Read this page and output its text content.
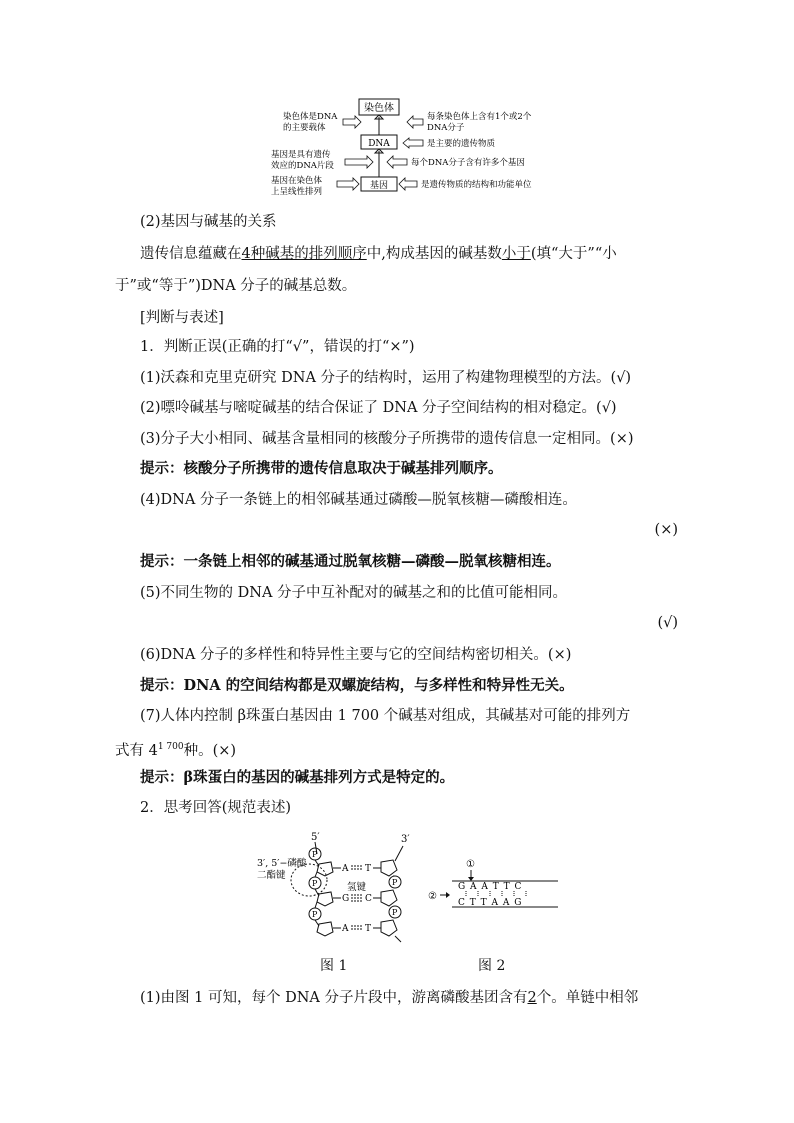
染色体
DNA
基因
染色体是DNA
的主要载体
每条染色体上含有1个或2个
DNA分子
是主要的遗传物质
基因是具有遗传
效应的DNA片段	每个DNA分子含有许多个基因
基因在染色体
上呈线性排列
是遗传物质的结构和功能单位
(2)基因与碱基的关系
遗传信息蕴藏在4种碱基的排列顺序中,构成基因的碱基数小于(填“大于”“小
于”或“等于”)DNA 分子的碱基总数。
[判断与表述]
1．判断正误(正确的打“√”，错误的打“×”)
(1)沃森和克里克研究 DNA 分子的结构时，运用了构建物理模型的方法。(√)
(2)嘌呤碱基与嘧啶碱基的结合保证了 DNA 分子空间结构的相对稳定。(√)
(3)分子大小相同、碱基含量相同的核酸分子所携带的遗传信息一定相同。(×)
提示：核酸分子所携带的遗传信息取决于碱基排列顺序。
(4)DNA 分子一条链上的相邻碱基通过磷酸—脱氧核糖—磷酸相连。
(×)
提示：一条链上相邻的碱基通过脱氧核糖—磷酸—脱氧核糖相连。
(5)不同生物的 DNA 分子中互补配对的碱基之和的比值可能相同。
(√)
(6)DNA 分子的多样性和特异性主要与它的空间结构密切相关。(×)
提示：DNA 的空间结构都是双螺旋结构，与多样性和特异性无关。
(7)人体内控制 β珠蛋白基因由 1 700 个碱基对组成，其碱基对可能的排列方
式有 $4^{1 700}$种。(×)
提示：β珠蛋白的基因的碱基排列方式是特定的。
2．思考回答(规范表述)
5′	3′
3′, 5′−磷酸
二酯键
氢键
P
P
P
A T
G C
A T
P
P
①
②
G A A T T C
C T T A A G
图 1	图 2
(1)由图 1 可知，每个 DNA 分子片段中，游离磷酸基团含有2个。单链中相邻
